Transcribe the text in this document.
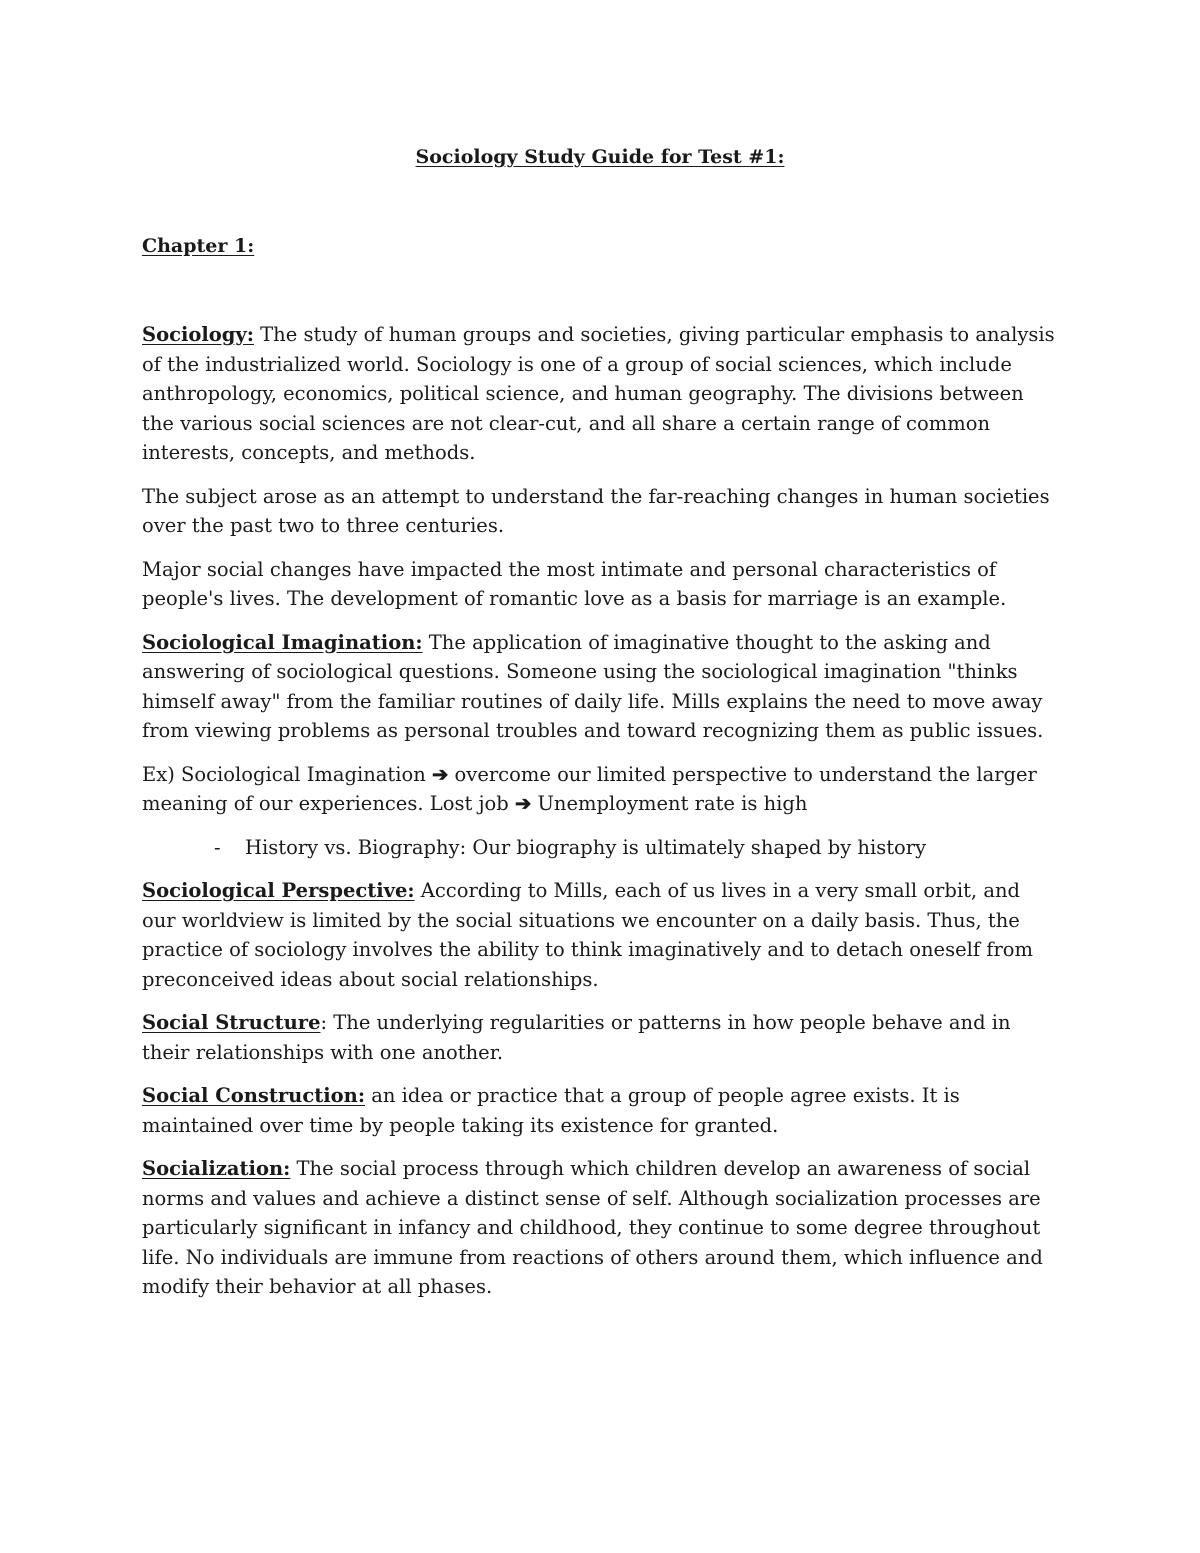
Sociology Study Guide for Test #1:
Chapter 1:

Sociology: The study of human groups and societies, giving particular emphasis to analysis of the industrialized world. Sociology is one of a group of social sciences, which include anthropology, economics, political science, and human geography. The divisions between the various social sciences are not clear-cut, and all share a certain range of common interests, concepts, and methods.

The subject arose as an attempt to understand the far-reaching changes in human societies over the past two to three centuries.

Major social changes have impacted the most intimate and personal characteristics of people's lives. The development of romantic love as a basis for marriage is an example.

Sociological Imagination: The application of imaginative thought to the asking and answering of sociological questions. Someone using the sociological imagination "thinks himself away" from the familiar routines of daily life. Mills explains the need to move away from viewing problems as personal troubles and toward recognizing them as public issues.

Ex) Sociological Imagination ➔ overcome our limited perspective to understand the larger meaning of our experiences. Lost job ➔ Unemployment rate is high

- History vs. Biography: Our biography is ultimately shaped by history

Sociological Perspective: According to Mills, each of us lives in a very small orbit, and our worldview is limited by the social situations we encounter on a daily basis. Thus, the practice of sociology involves the ability to think imaginatively and to detach oneself from preconceived ideas about social relationships.

Social Structure: The underlying regularities or patterns in how people behave and in their relationships with one another.

Social Construction: an idea or practice that a group of people agree exists. It is maintained over time by people taking its existence for granted.

Socialization: The social process through which children develop an awareness of social norms and values and achieve a distinct sense of self. Although socialization processes are particularly significant in infancy and childhood, they continue to some degree throughout life. No individuals are immune from reactions of others around them, which influence and modify their behavior at all phases.
